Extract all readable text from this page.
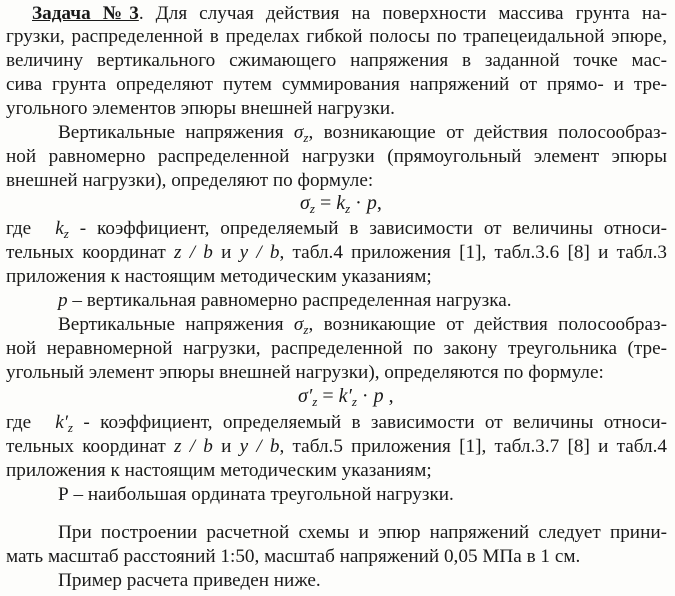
Задача №3. Для случая действия на поверхности массива грунта на-
грузки, распределенной в пределах гибкой полосы по трапецеидальной эпюре,
величину вертикального сжимающего напряжения в заданной точке мас-
сива грунта определяют путем суммирования напряжений от прямо- и тре-
угольного элементов эпюры внешней нагрузки.
Вертикальные напряжения $\sigma_z$, возникающие от действия полосообраз-
ной равномерно распределенной нагрузки (прямоугольный элемент эпюры
внешней нагрузки), определяют по формуле:
$\sigma_z = k_z \cdot p$,
где $k_z$ - коэффициент, определяемый в зависимости от величины относи-
тельных координат z / b и y / b, табл.4 приложения [1], табл.3.6 [8] и табл.3
приложения к настоящим методическим указаниям;
p – вертикальная равномерно распределенная нагрузка.
Вертикальные напряжения $\sigma_z$, возникающие от действия полосообраз-
ной неравномерной нагрузки, распределенной по закону треугольника (тре-
угольный элемент эпюры внешней нагрузки), определяются по формуле:
$\sigma'_z = k'_z \cdot p$ ,
где $k'_z$ - коэффициент, определяемый в зависимости от величины относи-
тельных координат z / b и y / b, табл.5 приложения [1], табл.3.7 [8] и табл.4
приложения к настоящим методическим указаниям;
Р – наибольшая ордината треугольной нагрузки.
При построении расчетной схемы и эпюр напряжений следует прини-
мать масштаб расстояний 1:50, масштаб напряжений 0,05 МПа в 1 см.
Пример расчета приведен ниже.
